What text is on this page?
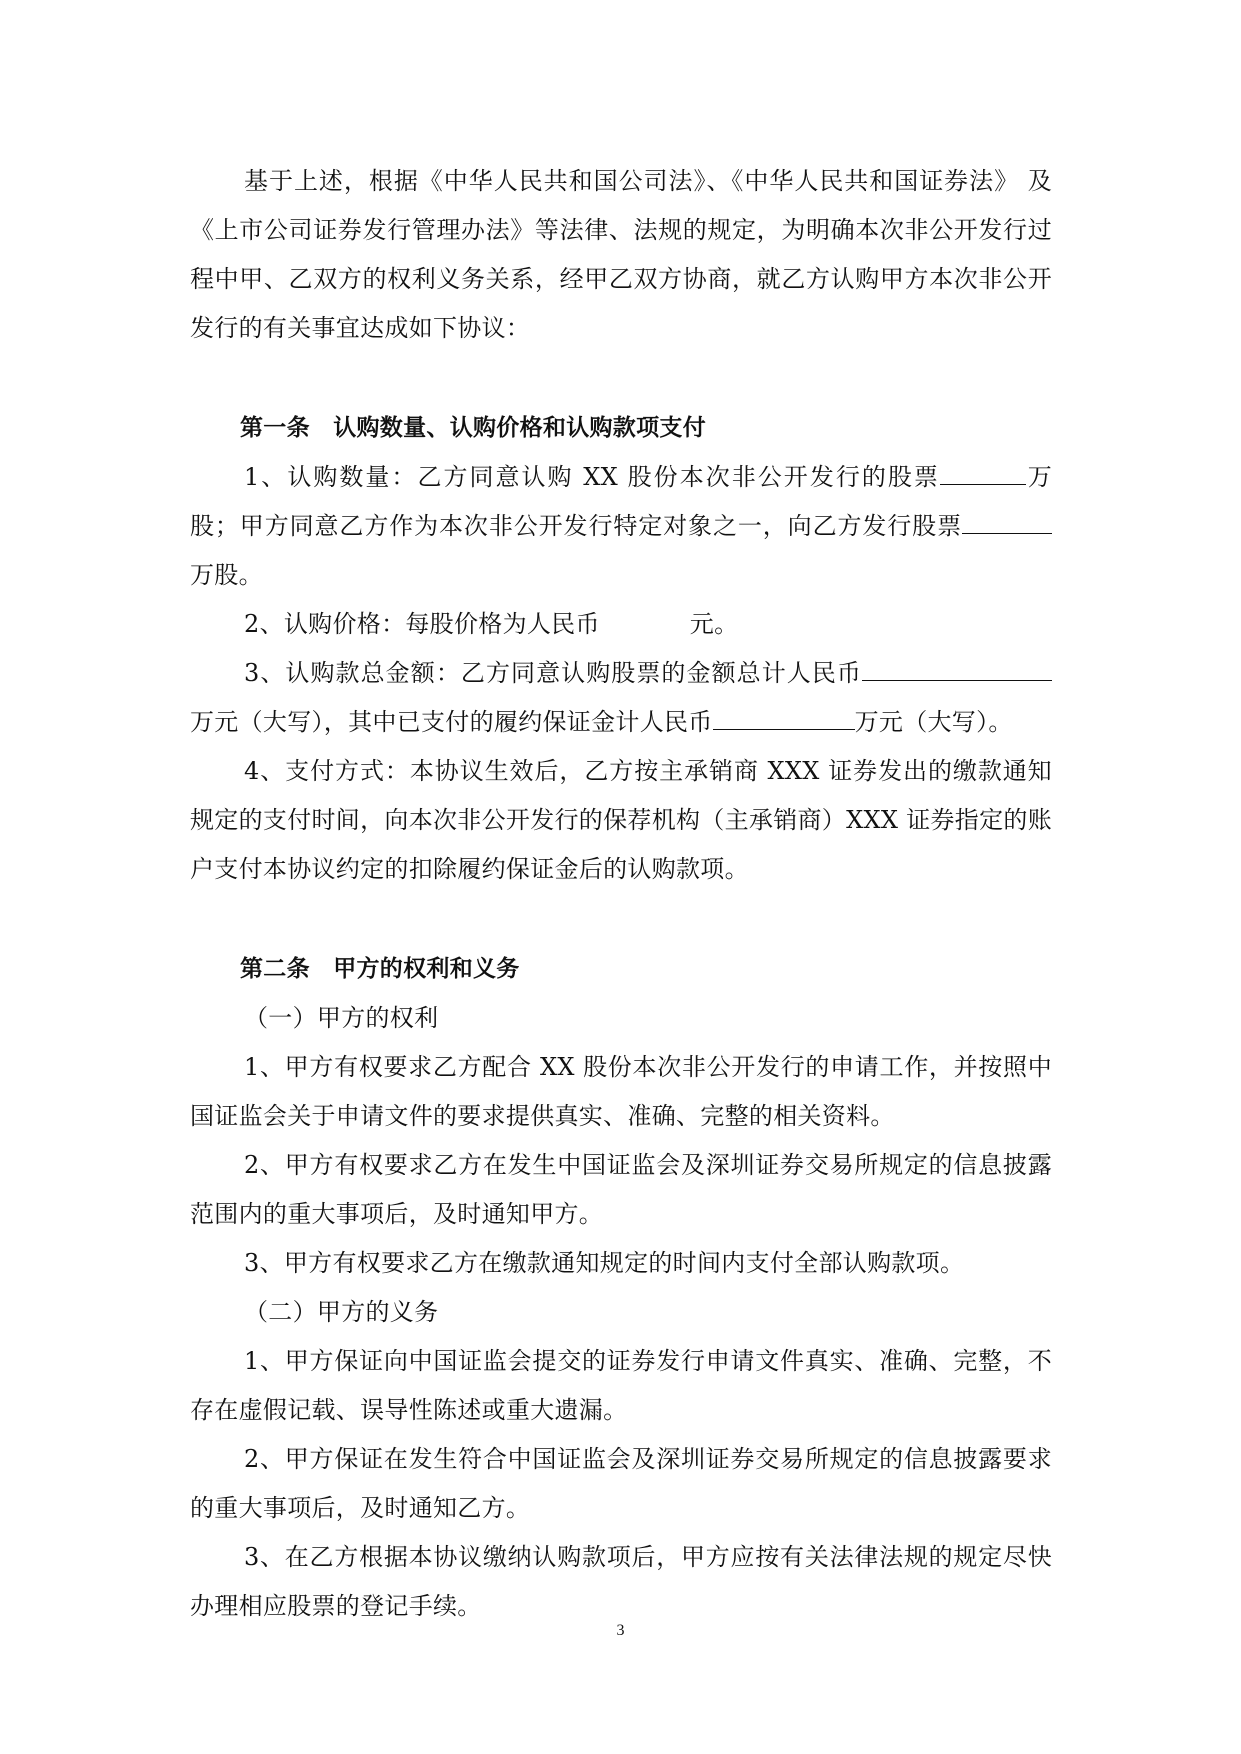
基于上述，根据《中华人民共和国公司法》、《中华人民共和国证券法》 及《上市公司证券发行管理办法》等法律、法规的规定，为明确本次非公开发行过程中甲、乙双方的权利义务关系，经甲乙双方协商，就乙方认购甲方本次非公开发行的有关事宜达成如下协议：

第一条　认购数量、认购价格和认购款项支付

1、认购数量：乙方同意认购 XX 股份本次非公开发行的股票	万股；甲方同意乙方作为本次非公开发行特定对象之一，向乙方发行股票万股。

2、认购价格：每股价格为人民币	元。

3、认购款总金额：乙方同意认购股票的金额总计人民币万元（大写），其中已支付的履约保证金计人民币	万元（大写）。

4、支付方式：本协议生效后，乙方按主承销商 XXX 证券发出的缴款通知规定的支付时间，向本次非公开发行的保荐机构（主承销商）XXX 证券指定的账户支付本协议约定的扣除履约保证金后的认购款项。

第二条　甲方的权利和义务

（一）甲方的权利

1、甲方有权要求乙方配合 XX 股份本次非公开发行的申请工作，并按照中国证监会关于申请文件的要求提供真实、准确、完整的相关资料。

2、甲方有权要求乙方在发生中国证监会及深圳证券交易所规定的信息披露范围内的重大事项后，及时通知甲方。

3、甲方有权要求乙方在缴款通知规定的时间内支付全部认购款项。

（二）甲方的义务

1、甲方保证向中国证监会提交的证券发行申请文件真实、准确、完整，不存在虚假记载、误导性陈述或重大遗漏。

2、甲方保证在发生符合中国证监会及深圳证券交易所规定的信息披露要求的重大事项后，及时通知乙方。

3、在乙方根据本协议缴纳认购款项后，甲方应按有关法律法规的规定尽快办理相应股票的登记手续。

3
